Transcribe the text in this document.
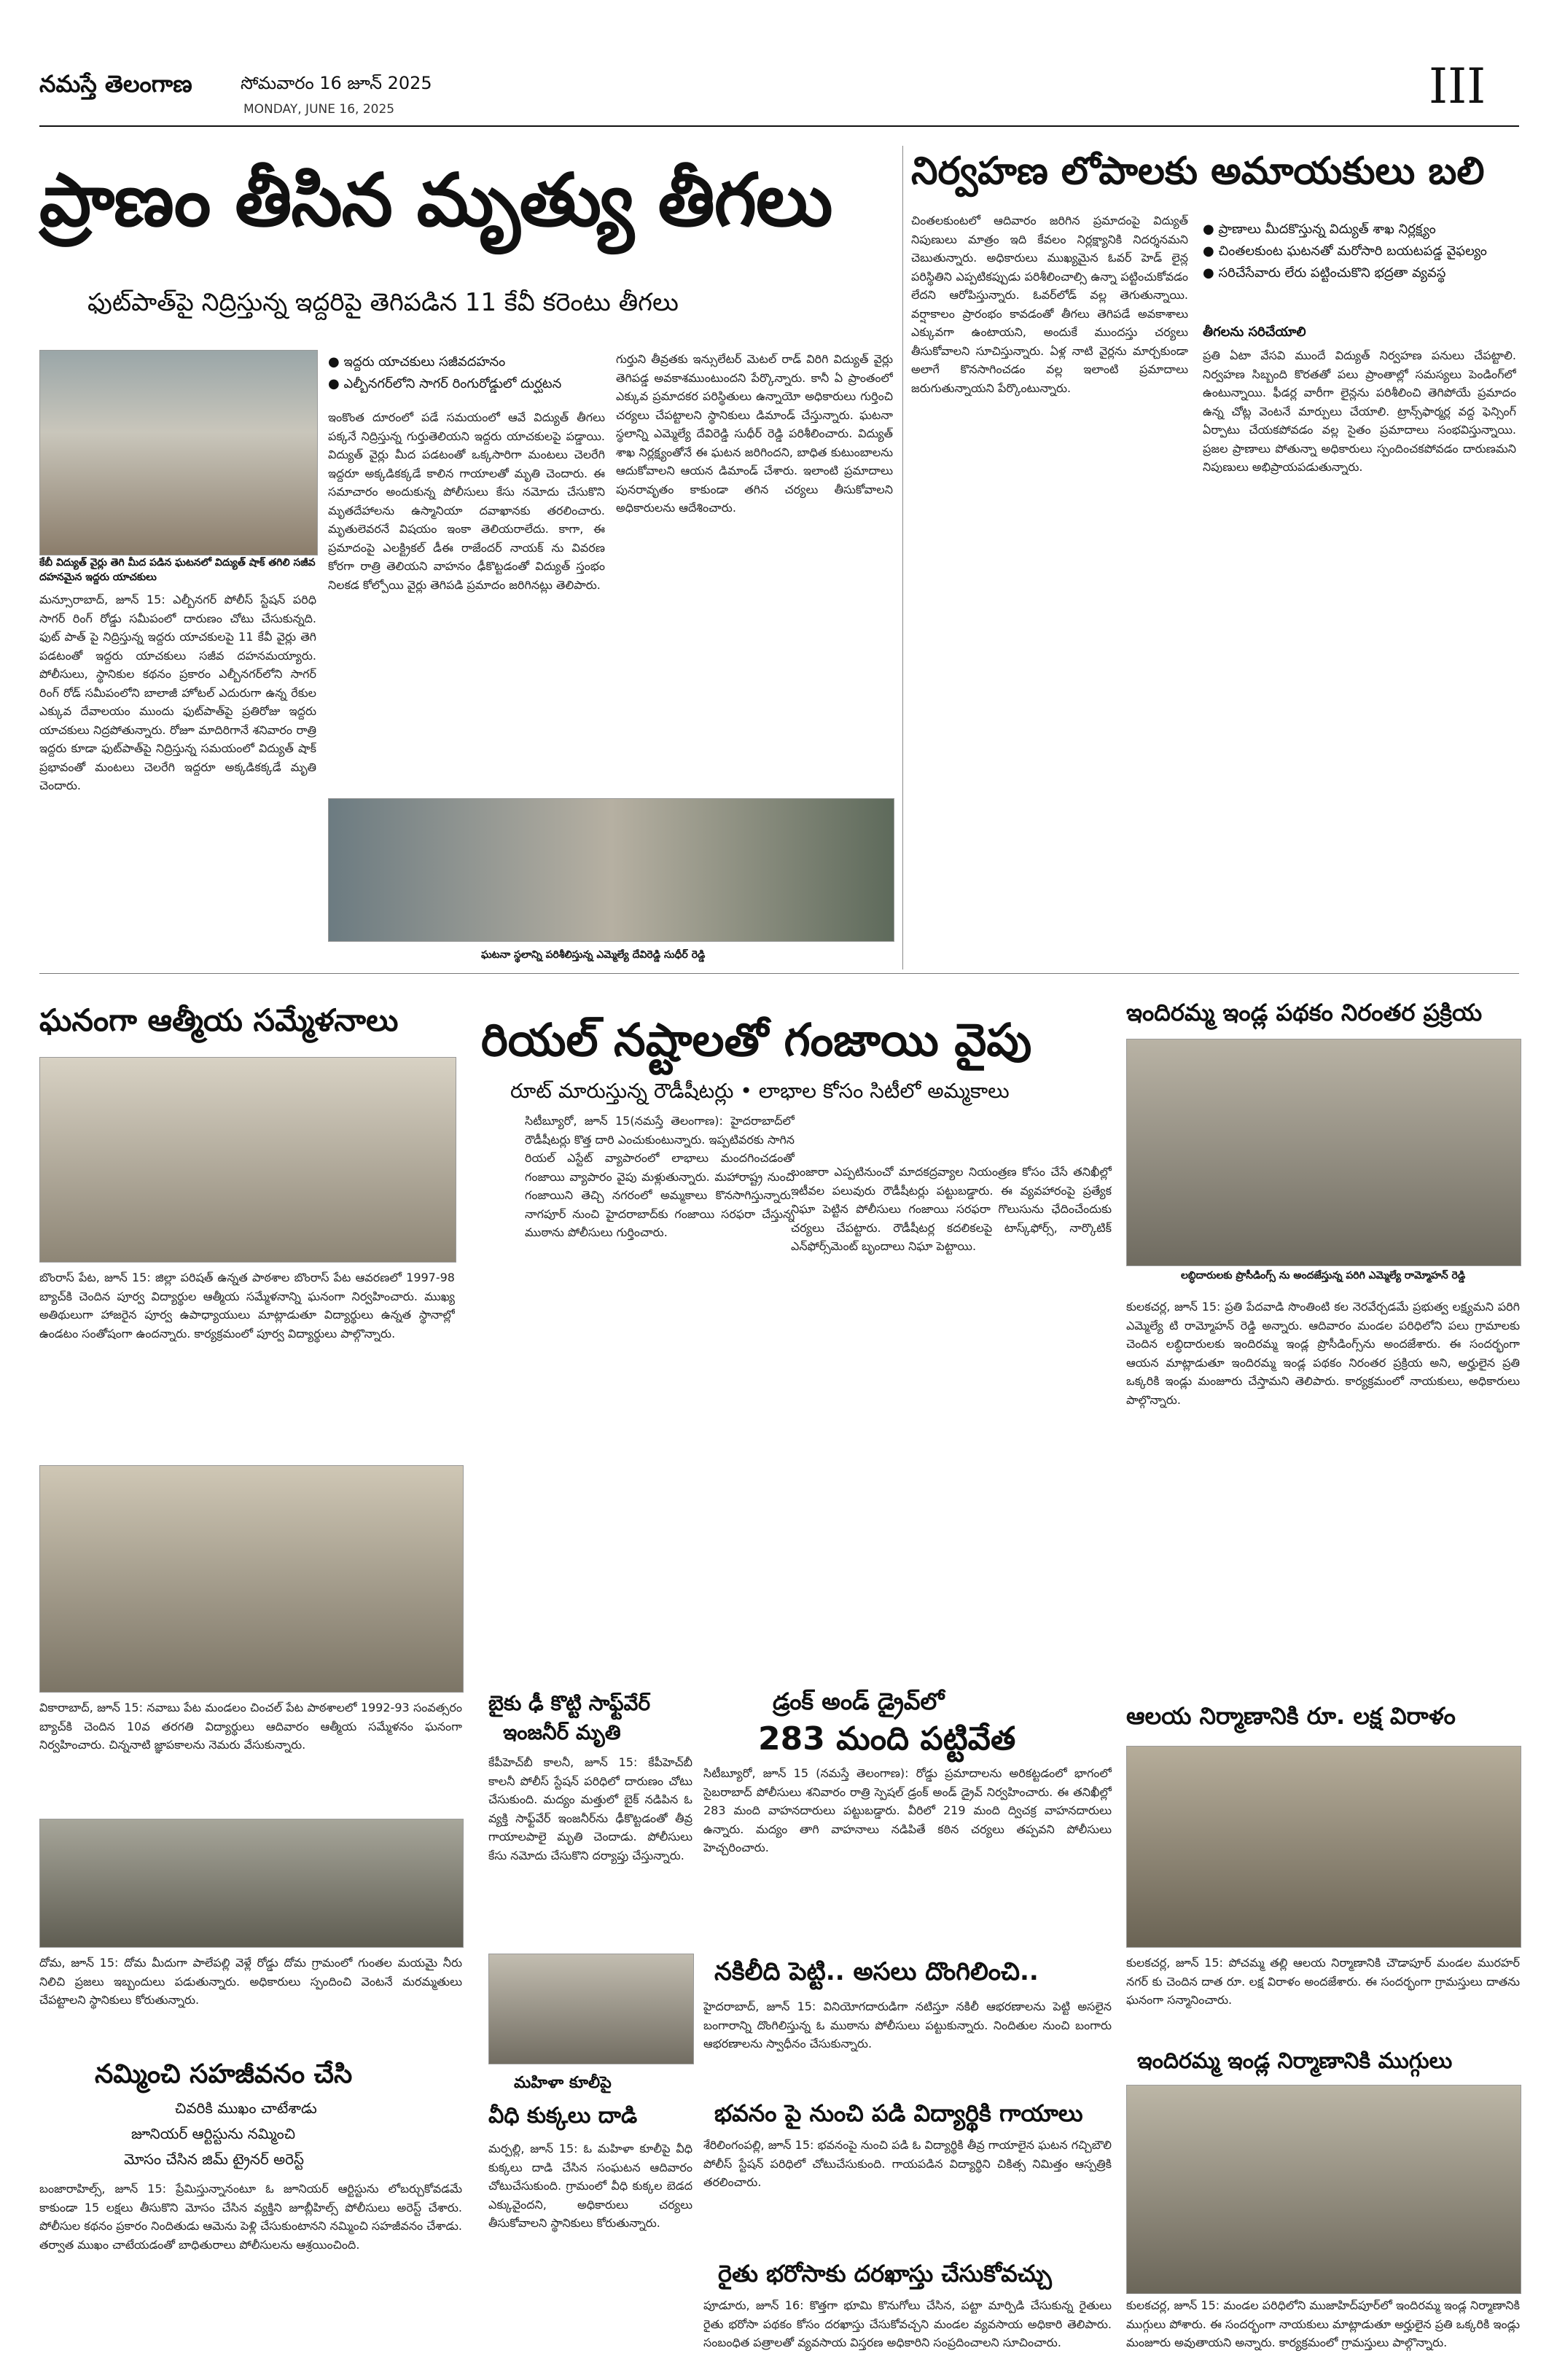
నమస్తే తెలంగాణ	సోమవారం 16 జూన్ 2025
MONDAY, JUNE 16, 2025	III
ప్రాణం తీసిన మృత్యు తీగలు
ఫుట్‌పాత్‌పై నిద్రిస్తున్న ఇద్దరిపై తెగిపడిన 11 కేవీ కరెంటు తీగలు
● ఇద్దరు యాచకులు సజీవదహనం
● ఎల్బీనగర్‌లోని సాగర్ రింగురోడ్డులో దుర్ఘటన
కేబీ విద్యుత్ వైర్లు తెగి మీద పడిన ఘటనలో విద్యుత్ షాక్ తగిలి సజీవ దహనమైన ఇద్దరు యాచకులు
మన్సూరాబాద్, జూన్ 15: ఎల్బీనగర్ పోలీస్ స్టేషన్ పరిధి సాగర్ రింగ్ రోడ్డు సమీపంలో దారుణం చోటు చేసుకున్నది. ఫుట్ పాత్ పై నిద్రిస్తున్న ఇద్దరు యాచకులపై 11 కేవీ వైర్లు తెగి పడటంతో ఇద్దరు యాచకులు సజీవ దహనమయ్యారు. పోలీసులు, స్థానికుల కథనం ప్రకారం ఎల్బీనగర్‌లోని సాగర్ రింగ్ రోడ్ సమీపంలోని బాలాజీ హోటల్ ఎదురుగా ఉన్న రేకుల ఎక్కువ దేవాలయం ముందు ఫుట్‌పాత్‌పై ప్రతిరోజు ఇద్దరు యాచకులు నిద్రపోతున్నారు. రోజూ మాదిరిగానే శనివారం రాత్రి ఇద్దరు కూడా ఫుట్‌పాత్‌పై నిద్రిస్తున్న సమయంలో విద్యుత్ షాక్ ప్రభావంతో మంటలు చెలరేగి ఇద్దరూ అక్కడికక్కడే మృతి చెందారు.
ఇంకొంత దూరంలో పడే సమయంలో ఆవే విద్యుత్ తీగలు పక్కనే నిద్రిస్తున్న గుర్తుతెలియని ఇద్దరు యాచకులపై పడ్డాయి. విద్యుత్ వైర్లు మీద పడటంతో ఒక్కసారిగా మంటలు చెలరేగి ఇద్దరూ అక్కడికక్కడే కాలిన గాయాలతో మృతి చెందారు. ఈ సమాచారం అందుకున్న పోలీసులు కేసు నమోదు చేసుకొని మృతదేహాలను ఉస్మానియా దవాఖానకు తరలించారు. మృతులెవరనే విషయం ఇంకా తెలియరాలేదు. కాగా, ఈ ప్రమాదంపై ఎలక్ట్రికల్ డీఈ రాజేందర్ నాయక్ ను వివరణ కోరగా రాత్రి తెలియని వాహనం ఢీకొట్టడంతో విద్యుత్ స్తంభం నిలకడ కోల్పోయి వైర్లు తెగిపడి ప్రమాదం జరిగినట్లు తెలిపారు.
గుర్తుని తీవ్రతకు ఇన్సులేటర్ మెటల్ రాడ్ విరిగి విద్యుత్ వైర్లు తెగిపడ్డ అవకాశముంటుందని పేర్కొన్నారు. కానీ ఏ ప్రాంతంలో ఎక్కువ ప్రమాదకర పరిస్థితులు ఉన్నాయో అధికారులు గుర్తించి చర్యలు చేపట్టాలని స్థానికులు డిమాండ్ చేస్తున్నారు. ఘటనా స్థలాన్ని ఎమ్మెల్యే దేవిరెడ్డి సుధీర్ రెడ్డి పరిశీలించారు. విద్యుత్ శాఖ నిర్లక్ష్యంతోనే ఈ ఘటన జరిగిందని, బాధిత కుటుంబాలను ఆదుకోవాలని ఆయన డిమాండ్ చేశారు. ఇలాంటి ప్రమాదాలు పునరావృతం కాకుండా తగిన చర్యలు తీసుకోవాలని అధికారులను ఆదేశించారు.
ఘటనా స్థలాన్ని పరిశీలిస్తున్న ఎమ్మెల్యే దేవిరెడ్డి సుధీర్ రెడ్డి
నిర్వహణ లోపాలకు అమాయకులు బలి
చింతలకుంటలో ఆదివారం జరిగిన ప్రమాదంపై విద్యుత్ నిపుణులు మాత్రం ఇది కేవలం నిర్లక్ష్యానికి నిదర్శనమని చెబుతున్నారు. అధికారులు ముఖ్యమైన ఓవర్ హెడ్ లైన్ల పరిస్థితిని ఎప్పటికప్పుడు పరిశీలించాల్సి ఉన్నా పట్టించుకోవడం లేదని ఆరోపిస్తున్నారు. ఓవర్‌లోడ్ వల్ల తెగుతున్నాయి. వర్షాకాలం ప్రారంభం కావడంతో తీగలు తెగిపడే అవకాశాలు ఎక్కువగా ఉంటాయని, అందుకే ముందస్తు చర్యలు తీసుకోవాలని సూచిస్తున్నారు. ఏళ్ల నాటి వైర్లను మార్చకుండా అలాగే కొనసాగించడం వల్ల ఇలాంటి ప్రమాదాలు జరుగుతున్నాయని పేర్కొంటున్నారు.
● ప్రాణాలు మీదకొస్తున్న విద్యుత్ శాఖ నిర్లక్ష్యం
● చింతలకుంట ఘటనతో మరోసారి బయటపడ్డ వైఫల్యం
● సరిచేసేవారు లేరు పట్టించుకొని భద్రతా వ్యవస్థ
తీగలను సరిచేయాలి
ప్రతి ఏటా వేసవి ముందే విద్యుత్ నిర్వహణ పనులు చేపట్టాలి. నిర్వహణ సిబ్బంది కొరతతో పలు ప్రాంతాల్లో సమస్యలు పెండింగ్‌లో ఉంటున్నాయి. ఫీడర్ల వారీగా లైన్లను పరిశీలించి తెగిపోయే ప్రమాదం ఉన్న చోట్ల వెంటనే మార్పులు చేయాలి. ట్రాన్స్‌ఫార్మర్ల వద్ద ఫెన్సింగ్ ఏర్పాటు చేయకపోవడం వల్ల సైతం ప్రమాదాలు సంభవిస్తున్నాయి. ప్రజల ప్రాణాలు పోతున్నా అధికారులు స్పందించకపోవడం దారుణమని నిపుణులు అభిప్రాయపడుతున్నారు.
ఘనంగా ఆత్మీయ సమ్మేళనాలు
బొంరాస్ పేట, జూన్ 15: జిల్లా పరిషత్ ఉన్నత పాఠశాల బొంరాస్ పేట ఆవరణలో 1997-98 బ్యాచ్‌కి చెందిన పూర్వ విద్యార్థుల ఆత్మీయ సమ్మేళనాన్ని ఘనంగా నిర్వహించారు. ముఖ్య అతిథులుగా హాజరైన పూర్వ ఉపాధ్యాయులు మాట్లాడుతూ విద్యార్థులు ఉన్నత స్థానాల్లో ఉండటం సంతోషంగా ఉందన్నారు. కార్యక్రమంలో పూర్వ విద్యార్థులు పాల్గొన్నారు.
రియల్ నష్టాలతో గంజాయి వైపు
రూట్ మారుస్తున్న రౌడీషీటర్లు • లాభాల కోసం సిటీలో అమ్మకాలు
సిటీబ్యూరో, జూన్ 15(నమస్తే తెలంగాణ): హైదరాబాద్‌లో రౌడీషీటర్లు కొత్త దారి ఎంచుకుంటున్నారు. ఇప్పటివరకు సాగిన రియల్ ఎస్టేట్ వ్యాపారంలో లాభాలు మందగించడంతో గంజాయి వ్యాపారం వైపు మళ్లుతున్నారు. మహారాష్ట్ర నుంచి గంజాయిని తెచ్చి నగరంలో అమ్మకాలు కొనసాగిస్తున్నారు. నాగపూర్ నుంచి హైదరాబాద్‌కు గంజాయి సరఫరా చేస్తున్న ముఠాను పోలీసులు గుర్తించారు.
బంజారా ఎప్పటినుంచో మాదకద్రవ్యాల నియంత్రణ కోసం చేసే తనిఖీల్లో ఇటీవల పలువురు రౌడీషీటర్లు పట్టుబడ్డారు. ఈ వ్యవహారంపై ప్రత్యేక నిఘా పెట్టిన పోలీసులు గంజాయి సరఫరా గొలుసును ఛేదించేందుకు చర్యలు చేపట్టారు. రౌడీషీటర్ల కదలికలపై టాస్క్‌ఫోర్స్, నార్కొటిక్ ఎన్‌ఫోర్స్‌మెంట్ బృందాలు నిఘా పెట్టాయి.
ఇందిరమ్మ ఇండ్ల పథకం నిరంతర ప్రక్రియ
లబ్ధిదారులకు ప్రొసీడింగ్స్ ను అందజేస్తున్న పరిగి ఎమ్మెల్యే రామ్మోహన్ రెడ్డి
కులకచర్ల, జూన్ 15: ప్రతి పేదవాడి సొంతింటి కల నెరవేర్చడమే ప్రభుత్వ లక్ష్యమని పరిగి ఎమ్మెల్యే టి రామ్మోహన్ రెడ్డి అన్నారు. ఆదివారం మండల పరిధిలోని పలు గ్రామాలకు చెందిన లబ్ధిదారులకు ఇందిరమ్మ ఇండ్ల ప్రొసీడింగ్స్‌ను అందజేశారు. ఈ సందర్భంగా ఆయన మాట్లాడుతూ ఇందిరమ్మ ఇండ్ల పథకం నిరంతర ప్రక్రియ అని, అర్హులైన ప్రతి ఒక్కరికి ఇండ్లు మంజూరు చేస్తామని తెలిపారు. కార్యక్రమంలో నాయకులు, అధికారులు పాల్గొన్నారు.
వికారాబాద్, జూన్ 15: నవాబు పేట మండలం చించల్ పేట పాఠశాలలో 1992-93 సంవత్సరం బ్యాచ్‌కి చెందిన 10వ తరగతి విద్యార్థులు ఆదివారం ఆత్మీయ సమ్మేళనం ఘనంగా నిర్వహించారు. చిన్ననాటి జ్ఞాపకాలను నెమరు వేసుకున్నారు.
బైకు ఢీ కొట్టి సాఫ్ట్‌వేర్
ఇంజనీర్ మృతి
కేపీహెచ్‌బీ కాలనీ, జూన్ 15: కేపీహెచ్‌బీ కాలనీ పోలీస్ స్టేషన్ పరిధిలో దారుణం చోటు చేసుకుంది. మద్యం మత్తులో బైక్ నడిపిన ఓ వ్యక్తి సాఫ్ట్‌వేర్ ఇంజనీర్‌ను ఢీకొట్టడంతో తీవ్ర గాయాలపాలై మృతి చెందాడు. పోలీసులు కేసు నమోదు చేసుకొని దర్యాప్తు చేస్తున్నారు.
డ్రంక్ అండ్ డ్రైవ్‌లో
283 మంది పట్టివేత
సిటీబ్యూరో, జూన్ 15 (నమస్తే తెలంగాణ): రోడ్డు ప్రమాదాలను అరికట్టడంలో భాగంలో సైబరాబాద్ పోలీసులు శనివారం రాత్రి స్పెషల్ డ్రంక్ అండ్ డ్రైవ్ నిర్వహించారు. ఈ తనిఖీల్లో 283 మంది వాహనదారులు పట్టుబడ్డారు. వీరిలో 219 మంది ద్విచక్ర వాహనదారులు ఉన్నారు. మద్యం తాగి వాహనాలు నడిపితే కఠిన చర్యలు తప్పవని పోలీసులు హెచ్చరించారు.
ఆలయ నిర్మాణానికి రూ. లక్ష విరాళం
దోమ, జూన్ 15: దోమ మీదుగా పాలేపల్లి వెళ్లే రోడ్డు దోమ గ్రామంలో గుంతల మయమై నీరు నిలిచి ప్రజలు ఇబ్బందులు పడుతున్నారు. అధికారులు స్పందించి వెంటనే మరమ్మతులు చేపట్టాలని స్థానికులు కోరుతున్నారు.
నమ్మించి సహజీవనం చేసి
చివరికి ముఖం చాటేశాడు
జూనియర్ ఆర్టిస్టును నమ్మించి
మోసం చేసిన జిమ్ ట్రైనర్ అరెస్ట్
బంజారాహిల్స్, జూన్ 15: ప్రేమిస్తున్నానంటూ ఓ జూనియర్ ఆర్టిస్టును లోబర్చుకోవడమే కాకుండా 15 లక్షలు తీసుకొని మోసం చేసిన వ్యక్తిని జూబ్లీహిల్స్ పోలీసులు అరెస్ట్ చేశారు. పోలీసుల కథనం ప్రకారం నిందితుడు ఆమెను పెళ్లి చేసుకుంటానని నమ్మించి సహజీవనం చేశాడు. తర్వాత ముఖం చాటేయడంతో బాధితురాలు పోలీసులను ఆశ్రయించింది.
మహిళా కూలీపై
వీధి కుక్కలు దాడి
మర్పల్లి, జూన్ 15: ఓ మహిళా కూలీపై వీధి కుక్కలు దాడి చేసిన సంఘటన ఆదివారం చోటుచేసుకుంది. గ్రామంలో వీధి కుక్కల బెడద ఎక్కువైందని, అధికారులు చర్యలు తీసుకోవాలని స్థానికులు కోరుతున్నారు.
నకిలీది పెట్టి.. అసలు దొంగిలించి..
హైదరాబాద్, జూన్ 15: వినియోగదారుడిగా నటిస్తూ నకిలీ ఆభరణాలను పెట్టి అసలైన బంగారాన్ని దొంగిలిస్తున్న ఓ ముఠాను పోలీసులు పట్టుకున్నారు. నిందితుల నుంచి బంగారు ఆభరణాలను స్వాధీనం చేసుకున్నారు.
భవనం పై నుంచి పడి విద్యార్థికి గాయాలు
శేరిలింగంపల్లి, జూన్ 15: భవనంపై నుంచి పడి ఓ విద్యార్థికి తీవ్ర గాయాలైన ఘటన గచ్చిబౌలి పోలీస్ స్టేషన్ పరిధిలో చోటుచేసుకుంది. గాయపడిన విద్యార్థిని చికిత్స నిమిత్తం ఆస్పత్రికి తరలించారు.
రైతు భరోసాకు దరఖాస్తు చేసుకోవచ్చు
పూడూరు, జూన్ 16: కొత్తగా భూమి కొనుగోలు చేసిన, పట్టా మార్పిడి చేసుకున్న రైతులు రైతు భరోసా పథకం కోసం దరఖాస్తు చేసుకోవచ్చని మండల వ్యవసాయ అధికారి తెలిపారు. సంబంధిత పత్రాలతో వ్యవసాయ విస్తరణ అధికారిని సంప్రదించాలని సూచించారు.
కులకచర్ల, జూన్ 15: పోచమ్మ తల్లి ఆలయ నిర్మాణానికి చౌడాపూర్ మండల మురహర్ నగర్ కు చెందిన దాత రూ. లక్ష విరాళం అందజేశారు. ఈ సందర్భంగా గ్రామస్తులు దాతను ఘనంగా సన్మానించారు.
ఇందిరమ్మ ఇండ్ల నిర్మాణానికి ముగ్గులు
కులకచర్ల, జూన్ 15: మండల పరిధిలోని ముజాహిద్‌పూర్‌లో ఇందిరమ్మ ఇండ్ల నిర్మాణానికి ముగ్గులు పోశారు. ఈ సందర్భంగా నాయకులు మాట్లాడుతూ అర్హులైన ప్రతి ఒక్కరికి ఇండ్లు మంజూరు అవుతాయని అన్నారు. కార్యక్రమంలో గ్రామస్తులు పాల్గొన్నారు.
